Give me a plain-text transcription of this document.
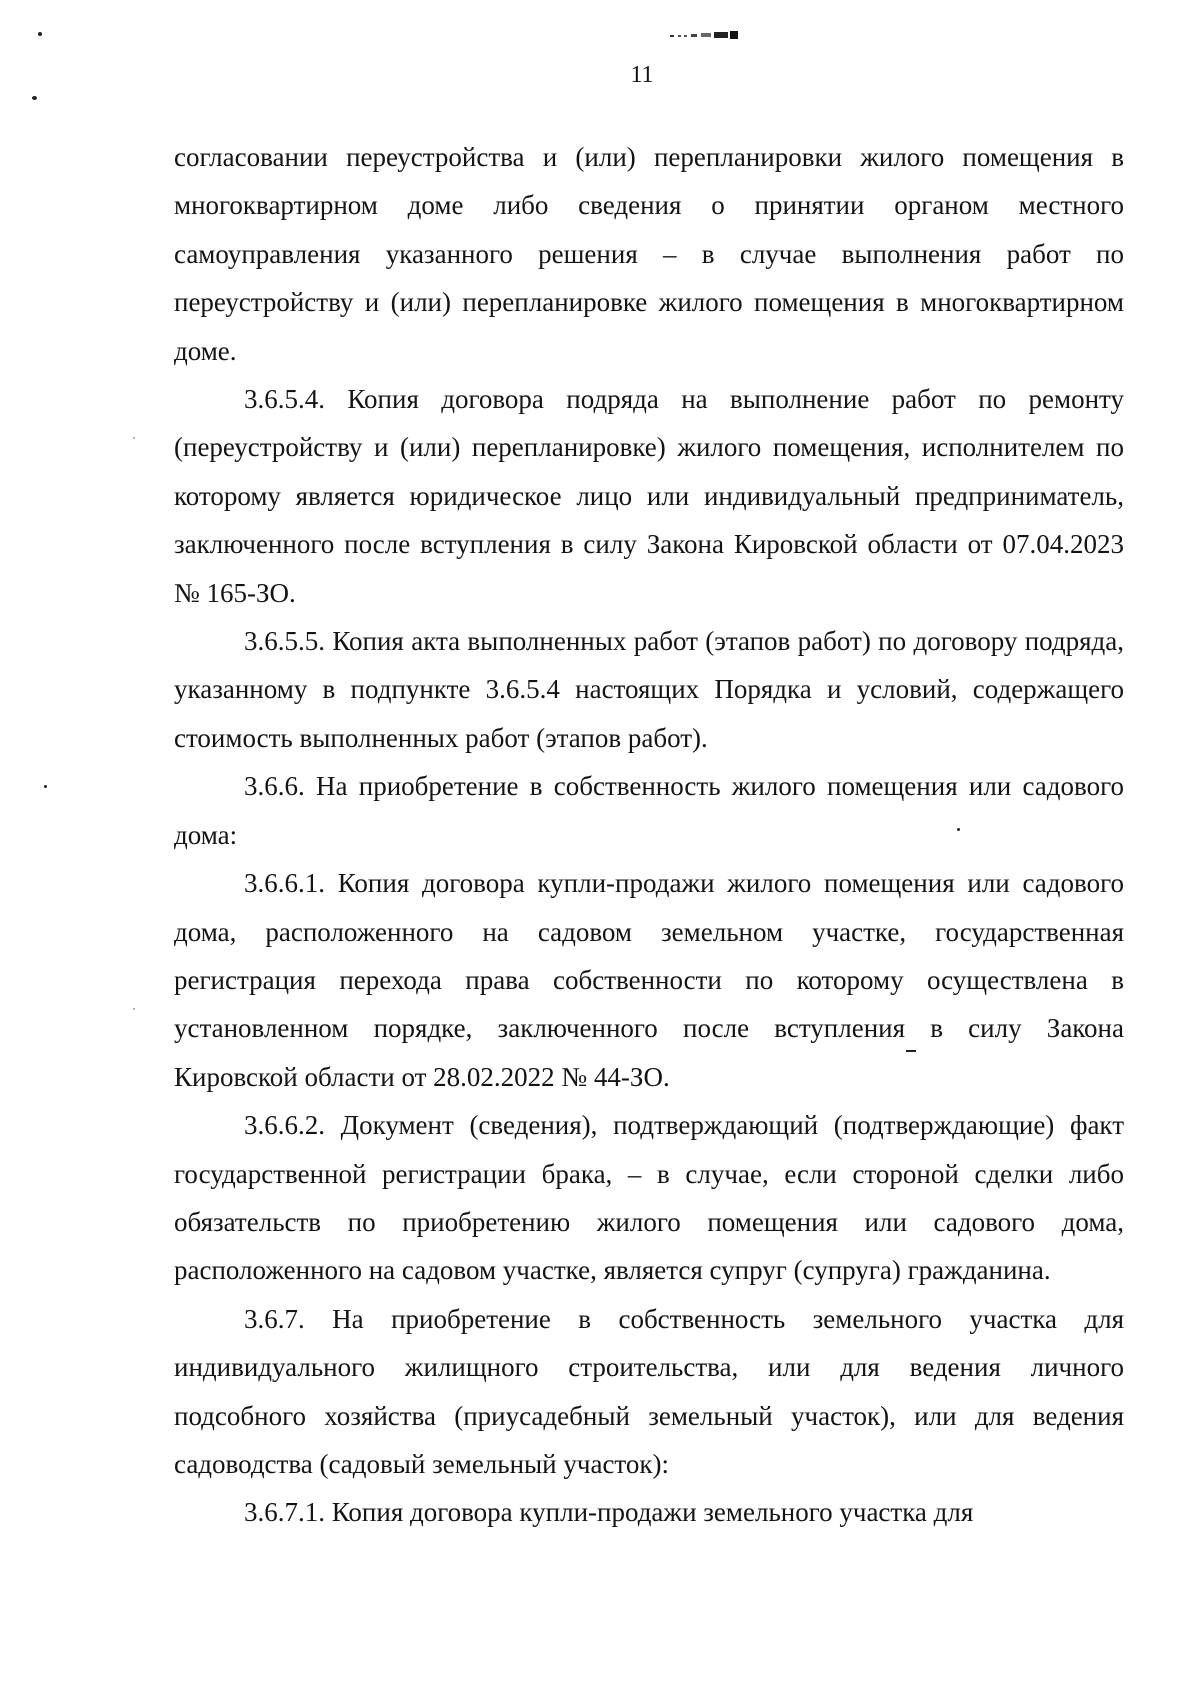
11

согласовании переустройства и (или) перепланировки жилого помещения в многоквартирном доме либо сведения о принятии органом местного самоуправления указанного решения – в случае выполнения работ по переустройству и (или) перепланировке жилого помещения в многоквартирном доме.

3.6.5.4. Копия договора подряда на выполнение работ по ремонту (переустройству и (или) перепланировке) жилого помещения, исполнителем по которому является юридическое лицо или индивидуальный предприниматель, заключенного после вступления в силу Закона Кировской области от 07.04.2023 № 165-ЗО.

3.6.5.5. Копия акта выполненных работ (этапов работ) по договору подряда, указанному в подпункте 3.6.5.4 настоящих Порядка и условий, содержащего стоимость выполненных работ (этапов работ).

3.6.6. На приобретение в собственность жилого помещения или садового дома:

3.6.6.1. Копия договора купли-продажи жилого помещения или садового дома, расположенного на садовом земельном участке, государственная регистрация перехода права собственности по которому осуществлена в установленном порядке, заключенного после вступления в силу Закона Кировской области от 28.02.2022 № 44-ЗО.

3.6.6.2. Документ (сведения), подтверждающий (подтверждающие) факт государственной регистрации брака, – в случае, если стороной сделки либо обязательств по приобретению жилого помещения или садового дома, расположенного на садовом участке, является супруг (супруга) гражданина.

3.6.7. На приобретение в собственность земельного участка для индивидуального жилищного строительства, или для ведения личного подсобного хозяйства (приусадебный земельный участок), или для ведения садоводства (садовый земельный участок):

3.6.7.1. Копия договора купли-продажи земельного участка для
